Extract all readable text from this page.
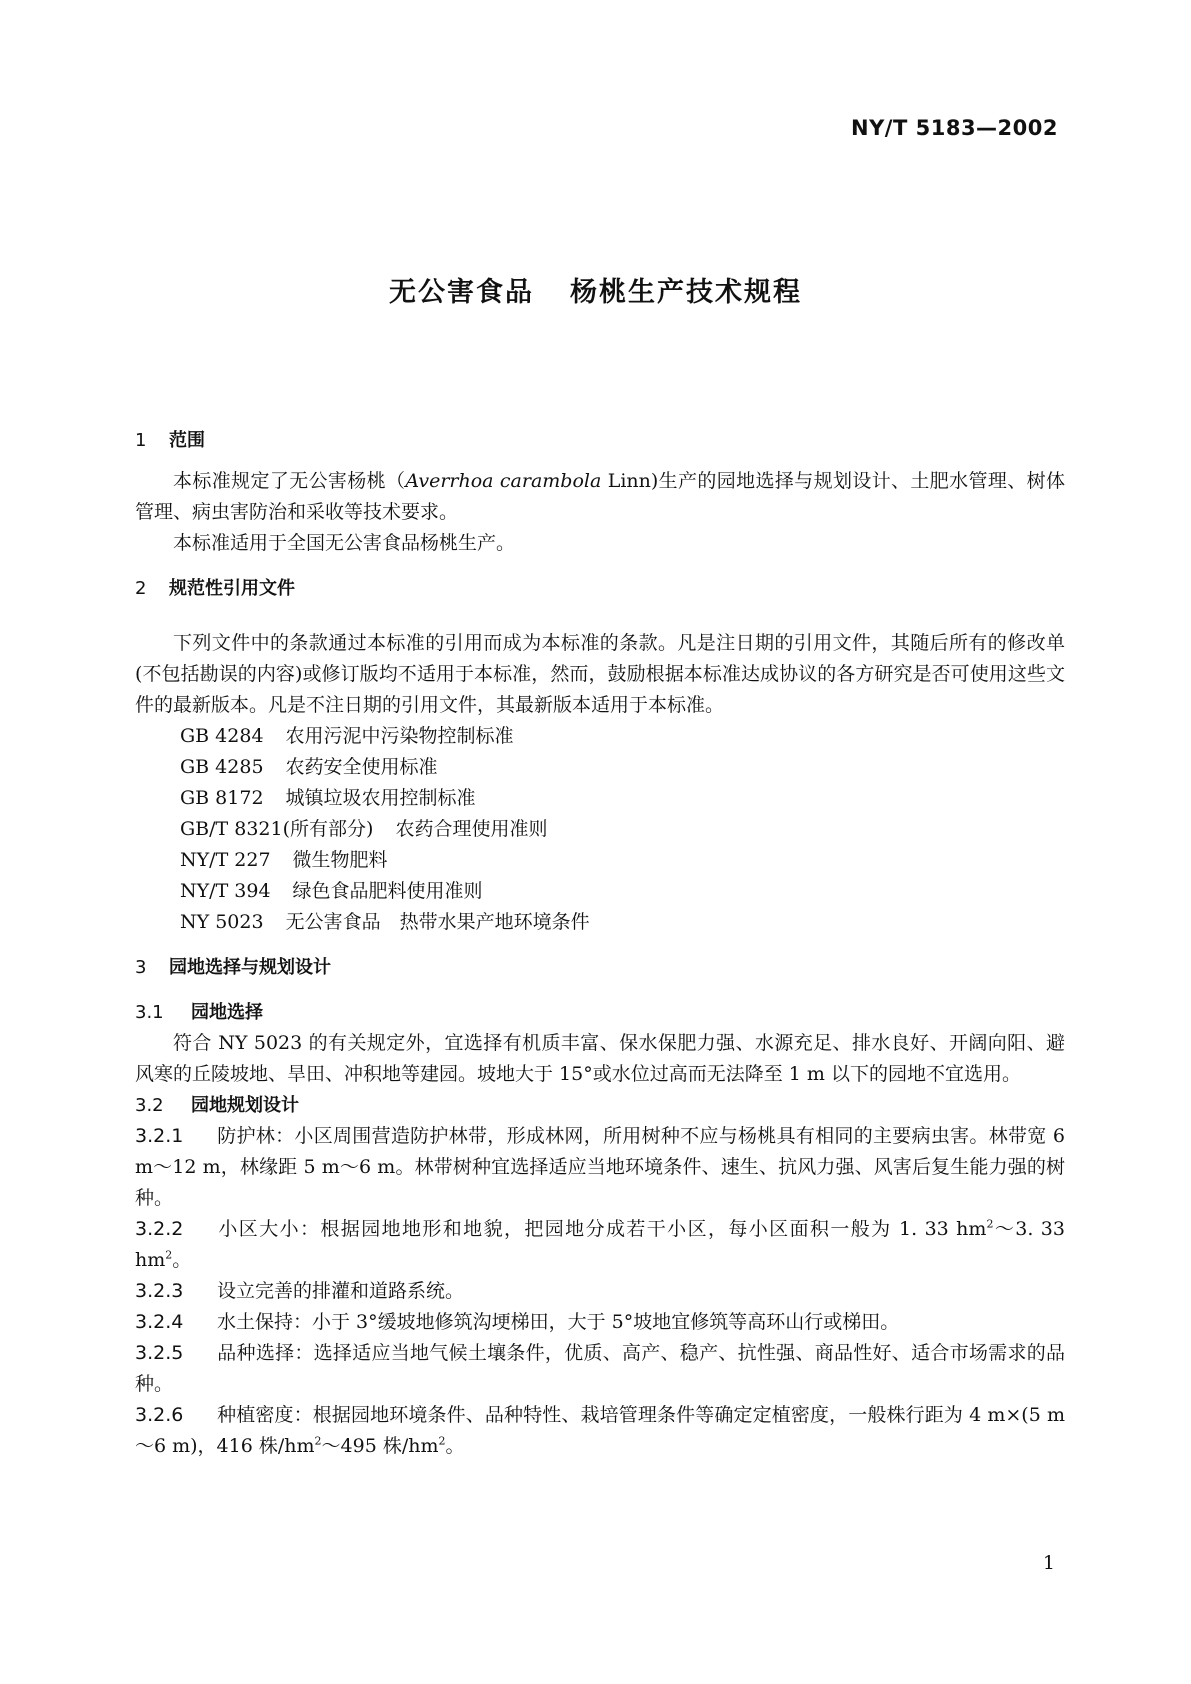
NY/T 5183—2002
无公害食品 杨桃生产技术规程

1 范围

本标准规定了无公害杨桃（Averrhoa carambola Linn)生产的园地选择与规划设计、土肥水管理、树体管理、病虫害防治和采收等技术要求。

本标准适用于全国无公害食品杨桃生产。

2 规范性引用文件

下列文件中的条款通过本标准的引用而成为本标准的条款。凡是注日期的引用文件，其随后所有的修改单(不包括勘误的内容)或修订版均不适用于本标准，然而，鼓励根据本标准达成协议的各方研究是否可使用这些文件的最新版本。凡是不注日期的引用文件，其最新版本适用于本标准。

GB 4284 农用污泥中污染物控制标准

GB 4285 农药安全使用标准

GB 8172 城镇垃圾农用控制标准

GB/T 8321(所有部分) 农药合理使用准则

NY/T 227 微生物肥料

NY/T 394 绿色食品肥料使用准则

NY 5023 无公害食品　热带水果产地环境条件

3 园地选择与规划设计

3.1 园地选择

符合 NY 5023 的有关规定外，宜选择有机质丰富、保水保肥力强、水源充足、排水良好、开阔向阳、避风寒的丘陵坡地、旱田、冲积地等建园。坡地大于 15°或水位过高而无法降至 1 m 以下的园地不宜选用。

3.2 园地规划设计

3.2.1 防护林：小区周围营造防护林带，形成林网，所用树种不应与杨桃具有相同的主要病虫害。林带宽 6 m～12 m，林缘距 5 m～6 m。林带树种宜选择适应当地环境条件、速生、抗风力强、风害后复生能力强的树种。

3.2.2 小区大小：根据园地地形和地貌，把园地分成若干小区，每小区面积一般为 1. 33 $hm^2\sim 3$. 33 $hm^2$。

3.2.3 设立完善的排灌和道路系统。

3.2.4 水土保持：小于 3°缓坡地修筑沟埂梯田，大于 5°坡地宜修筑等高环山行或梯田。

3.2.5 品种选择：选择适应当地气候土壤条件，优质、高产、稳产、抗性强、商品性好、适合市场需求的品种。

3.2.6 种植密度：根据园地环境条件、品种特性、栽培管理条件等确定定植密度，一般株行距为 4 m×(5 m～6 m)，416 株$/hm^2\sim 495$ 株$/hm^2$。

1
